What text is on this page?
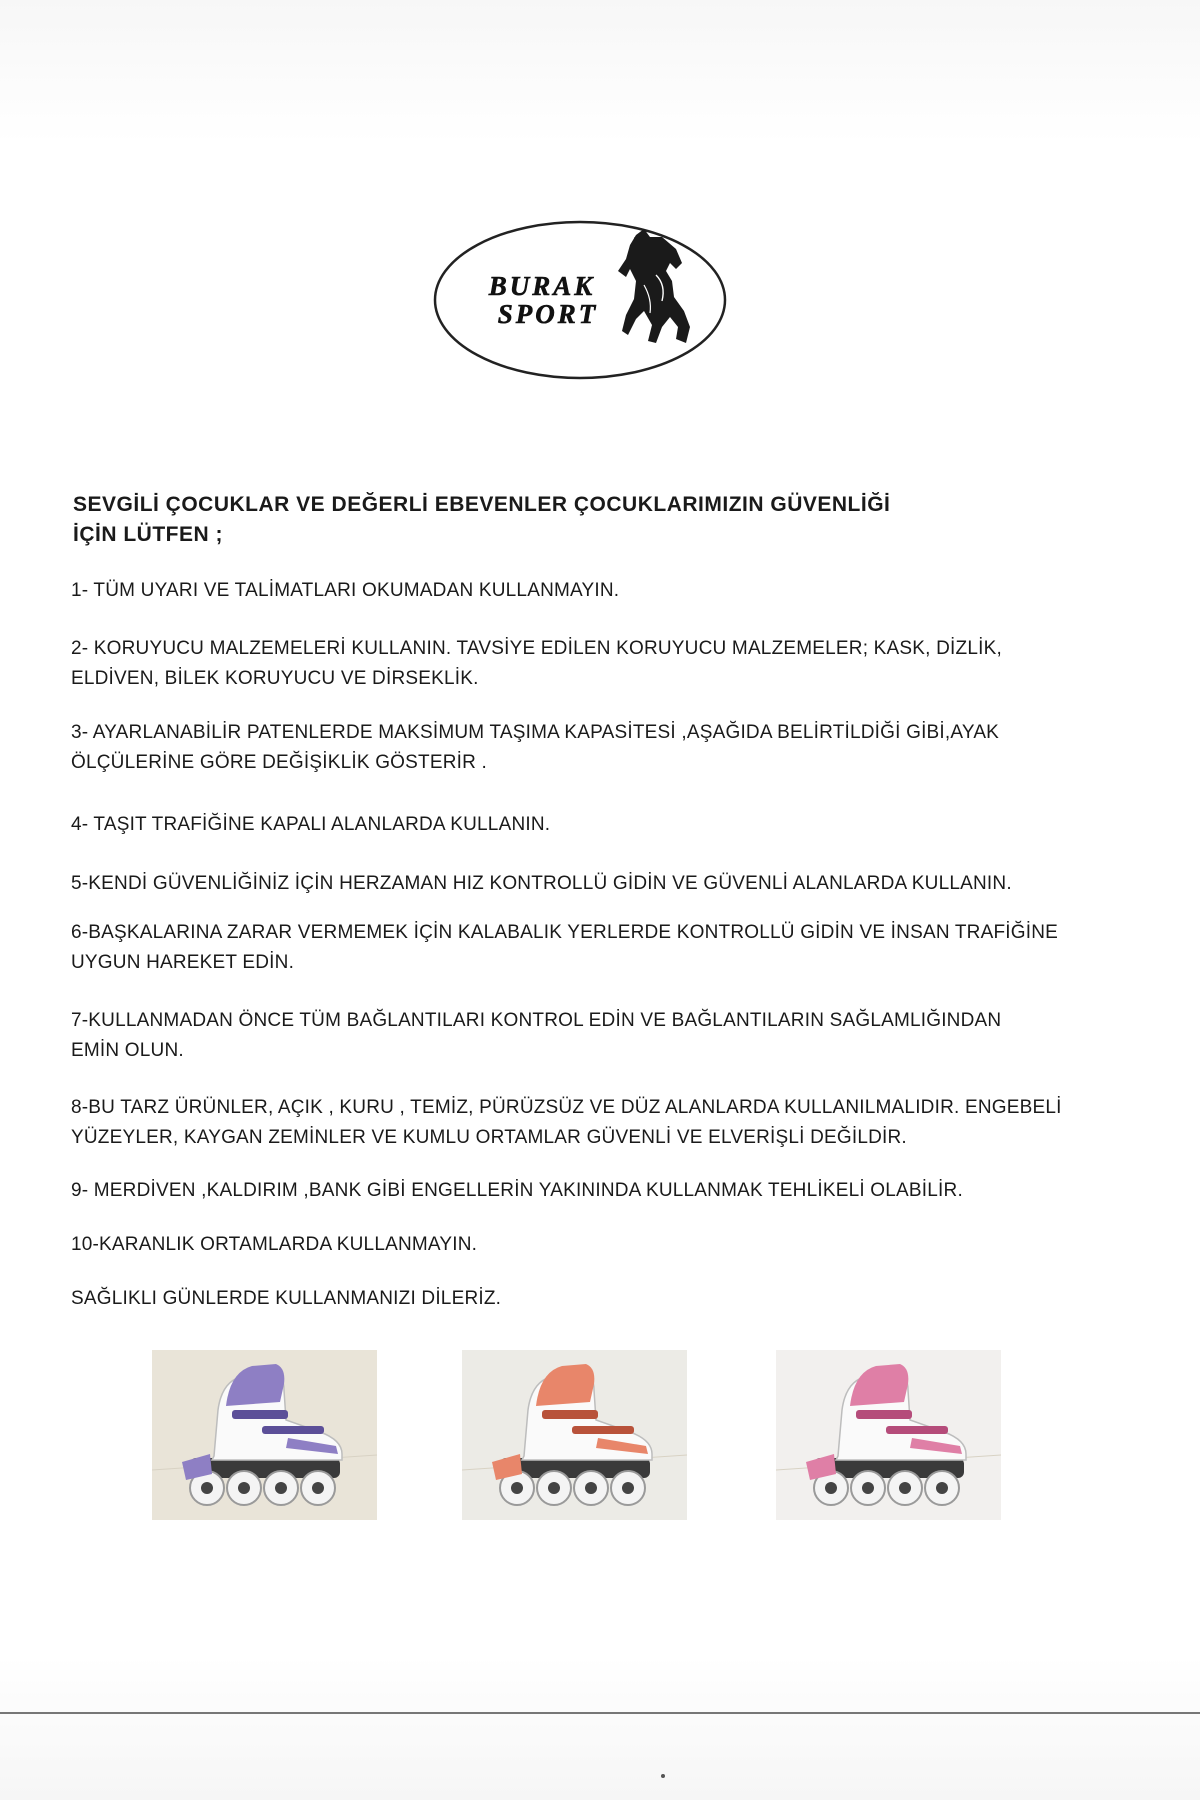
BURAK
SPORT
SEVGİLİ ÇOCUKLAR VE DEĞERLİ EBEVENLER ÇOCUKLARIMIZIN GÜVENLİĞİ
İÇİN LÜTFEN ;
1- TÜM UYARI VE TALİMATLARI OKUMADAN KULLANMAYIN.
2- KORUYUCU MALZEMELERİ KULLANIN. TAVSİYE EDİLEN KORUYUCU MALZEMELER; KASK, DİZLİK,
ELDİVEN, BİLEK KORUYUCU VE DİRSEKLİK.
3- AYARLANABİLİR PATENLERDE MAKSİMUM TAŞIMA KAPASİTESİ ,AŞAĞIDA BELİRTİLDİĞİ GİBİ,AYAK
ÖLÇÜLERİNE GÖRE DEĞİŞİKLİK GÖSTERİR .
4- TAŞIT TRAFİĞİNE KAPALI ALANLARDA KULLANIN.
5-KENDİ GÜVENLİĞİNİZ İÇİN HERZAMAN HIZ KONTROLLÜ GİDİN VE GÜVENLİ ALANLARDA KULLANIN.
6-BAŞKALARINA ZARAR VERMEMEK İÇİN KALABALIK YERLERDE KONTROLLÜ GİDİN VE İNSAN TRAFİĞİNE
UYGUN HAREKET EDİN.
7-KULLANMADAN ÖNCE TÜM BAĞLANTILARI KONTROL EDİN VE BAĞLANTILARIN SAĞLAMLIĞINDAN
EMİN OLUN.
8-BU TARZ ÜRÜNLER, AÇIK , KURU , TEMİZ, PÜRÜZSÜZ VE DÜZ ALANLARDA KULLANILMALIDIR. ENGEBELİ
YÜZEYLER, KAYGAN ZEMİNLER VE KUMLU ORTAMLAR GÜVENLİ VE ELVERİŞLİ DEĞİLDİR.
9- MERDİVEN ,KALDIRIM ,BANK GİBİ ENGELLERİN YAKININDA KULLANMAK TEHLİKELİ OLABİLİR.
10-KARANLIK ORTAMLARDA KULLANMAYIN.
SAĞLIKLI GÜNLERDE KULLANMANIZI DİLERİZ.
